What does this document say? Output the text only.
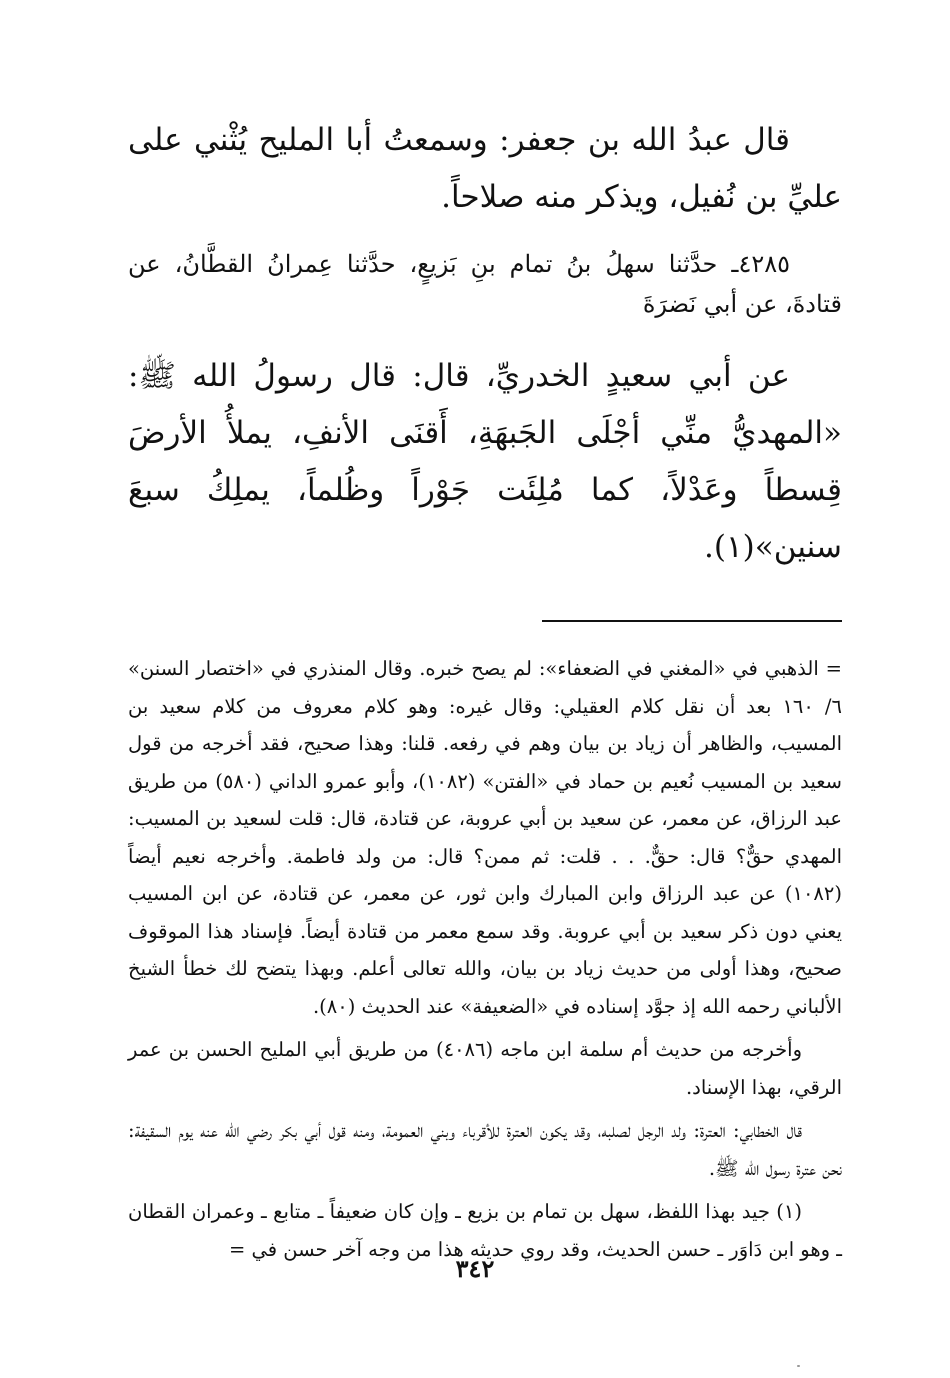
قال عبدُ الله بن جعفر: وسمعتُ أبا المليح يُثْني على عليِّ بن نُفيل، ويذكر منه صلاحاً.

٤٢٨٥ـ حدَّثنا سهلُ بنُ تمام بنِ بَزيعٍ، حدَّثنا عِمرانُ القطَّانُ، عن قتادةَ، عن أبي نَضرَةَ

عن أبي سعيدٍ الخدريِّ، قال: قال رسولُ الله ﷺ: «المهديُّ منِّي أجْلَى الجَبهَةِ، أَقنَى الأنفِ، يملأُ الأرضَ قِسطاً وعَدْلاً، كما مُلِئَت جَوْراً وظُلماً، يملِكُ سبعَ سنين»(١).

= الذهبي في «المغني في الضعفاء»: لم يصح خبره. وقال المنذري في «اختصار السنن» ٦/ ١٦٠ بعد أن نقل كلام العقيلي: وقال غيره: وهو كلام معروف من كلام سعيد بن المسيب، والظاهر أن زياد بن بيان وهم في رفعه. قلنا: وهذا صحيح، فقد أخرجه من قول سعيد بن المسيب نُعيم بن حماد في «الفتن» (١٠٨٢)، وأبو عمرو الداني (٥٨٠) من طريق عبد الرزاق، عن معمر، عن سعيد بن أبي عروبة، عن قتادة، قال: قلت لسعيد بن المسيب: المهدي حقٌّ؟ قال: حقٌّ. . . قلت: ثم ممن؟ قال: من ولد فاطمة. وأخرجه نعيم أيضاً (١٠٨٢) عن عبد الرزاق وابن المبارك وابن ثور، عن معمر، عن قتادة، عن ابن المسيب يعني دون ذكر سعيد بن أبي عروبة. وقد سمع معمر من قتادة أيضاً. فإسناد هذا الموقوف صحيح، وهذا أولى من حديث زياد بن بيان، والله تعالى أعلم. وبهذا يتضح لك خطأ الشيخ الألباني رحمه الله إذ جوَّد إسناده في «الضعيفة» عند الحديث (٨٠).

وأخرجه من حديث أم سلمة ابن ماجه (٤٠٨٦) من طريق أبي المليح الحسن بن عمر الرقي، بهذا الإسناد.

قال الخطابي: العترة: ولد الرجل لصلبه، وقد يكون العترة للأقرباء وبني العمومة، ومنه قول أبي بكر رضي الله عنه يوم السقيفة: نحن عترة رسول الله ﷺ.

(١) جيد بهذا اللفظ، سهل بن تمام بن بزيع ـ وإن كان ضعيفاً ـ متابع ـ وعمران القطان ـ وهو ابن دَاوَر ـ حسن الحديث، وقد روي حديثه هذا من وجه آخر حسن في =

٣٤٢
